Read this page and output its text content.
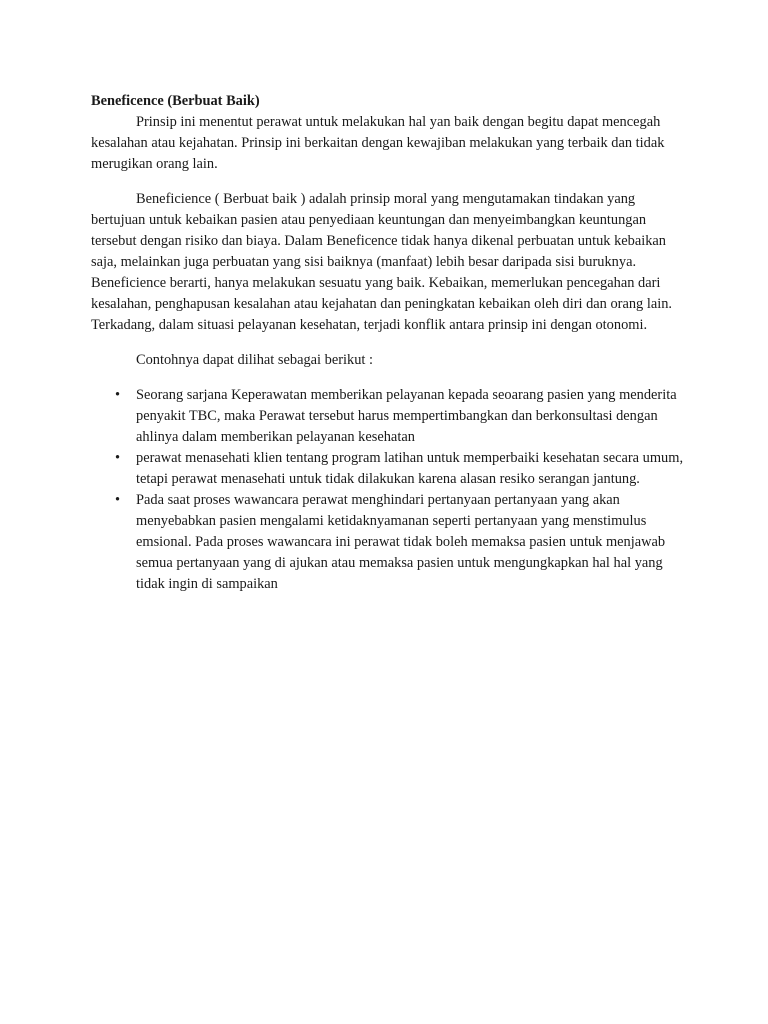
Beneficence (Berbuat Baik)

Prinsip ini menentut perawat untuk melakukan hal yan baik dengan begitu dapat mencegah kesalahan atau kejahatan. Prinsip ini berkaitan dengan kewajiban melakukan yang terbaik dan tidak merugikan orang lain.

Beneficience ( Berbuat baik ) adalah prinsip moral yang mengutamakan tindakan yang bertujuan untuk kebaikan pasien atau penyediaan keuntungan dan menyeimbangkan keuntungan tersebut dengan risiko dan biaya. Dalam Beneficence tidak hanya dikenal perbuatan untuk kebaikan saja, melainkan juga perbuatan yang sisi baiknya (manfaat) lebih besar daripada sisi buruknya. Beneficience berarti, hanya melakukan sesuatu yang baik. Kebaikan, memerlukan pencegahan dari kesalahan, penghapusan kesalahan atau kejahatan dan peningkatan kebaikan oleh diri dan orang lain. Terkadang, dalam situasi pelayanan kesehatan, terjadi konflik antara prinsip ini dengan otonomi.

Contohnya dapat dilihat sebagai berikut :

• Seorang sarjana Keperawatan memberikan pelayanan kepada seoarang pasien yang menderita penyakit TBC, maka Perawat tersebut harus mempertimbangkan dan berkonsultasi dengan ahlinya dalam memberikan pelayanan kesehatan
• perawat menasehati klien tentang program latihan untuk memperbaiki kesehatan secara umum, tetapi perawat menasehati untuk tidak dilakukan karena alasan resiko serangan jantung.
• Pada saat proses wawancara perawat menghindari pertanyaan pertanyaan yang akan menyebabkan pasien mengalami ketidaknyamanan seperti pertanyaan yang menstimulus emsional. Pada proses wawancara ini perawat tidak boleh memaksa pasien untuk menjawab semua pertanyaan yang di ajukan atau memaksa pasien untuk mengungkapkan hal hal yang tidak ingin di sampaikan
